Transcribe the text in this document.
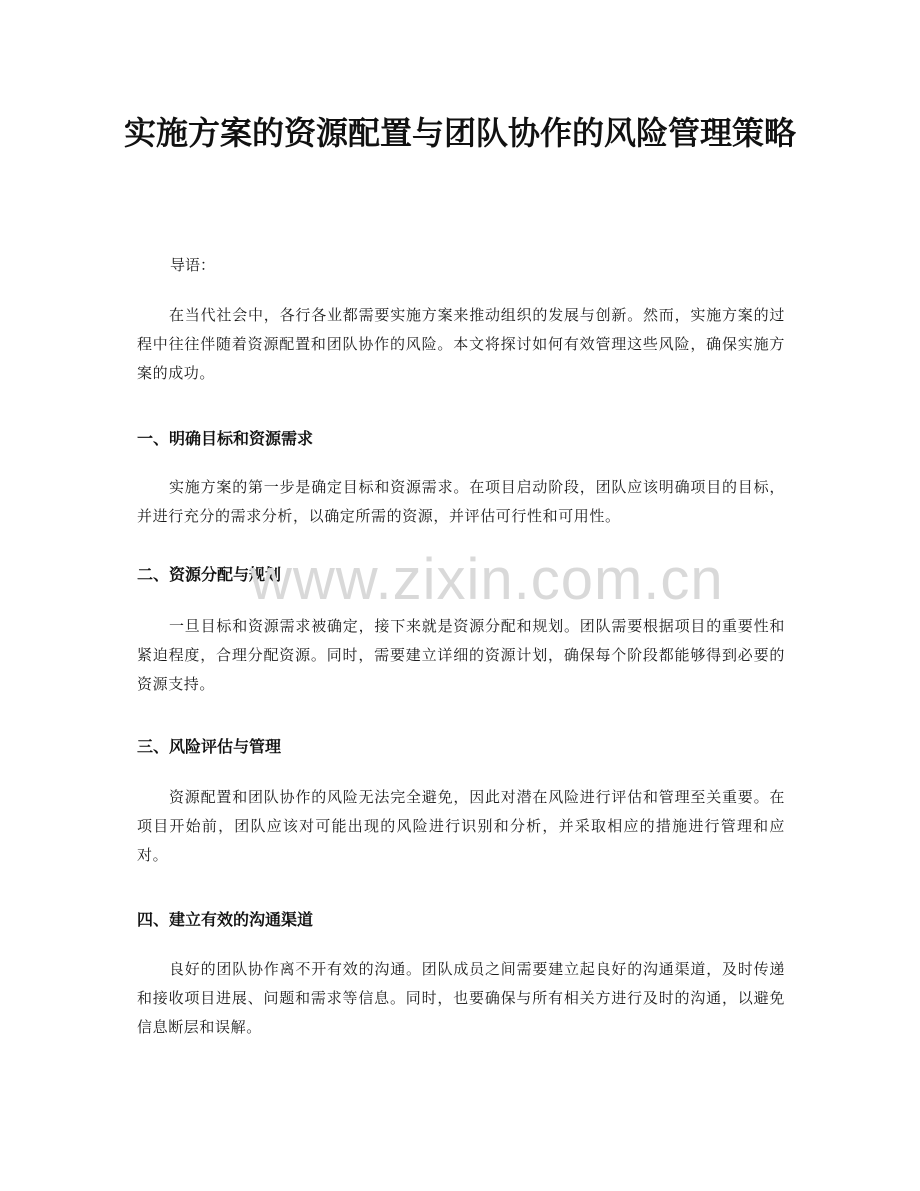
实施方案的资源配置与团队协作的风险管理策略

导语：

在当代社会中，各行各业都需要实施方案来推动组织的发展与创新。然而，实施方案的过程中往往伴随着资源配置和团队协作的风险。本文将探讨如何有效管理这些风险，确保实施方案的成功。

一、明确目标和资源需求

实施方案的第一步是确定目标和资源需求。在项目启动阶段，团队应该明确项目的目标，并进行充分的需求分析，以确定所需的资源，并评估可行性和可用性。

二、资源分配与规划

一旦目标和资源需求被确定，接下来就是资源分配和规划。团队需要根据项目的重要性和紧迫程度，合理分配资源。同时，需要建立详细的资源计划，确保每个阶段都能够得到必要的资源支持。

三、风险评估与管理

资源配置和团队协作的风险无法完全避免，因此对潜在风险进行评估和管理至关重要。在项目开始前，团队应该对可能出现的风险进行识别和分析，并采取相应的措施进行管理和应对。

四、建立有效的沟通渠道

良好的团队协作离不开有效的沟通。团队成员之间需要建立起良好的沟通渠道，及时传递和接收项目进展、问题和需求等信息。同时，也要确保与所有相关方进行及时的沟通，以避免信息断层和误解。

www.zixin.com.cn
